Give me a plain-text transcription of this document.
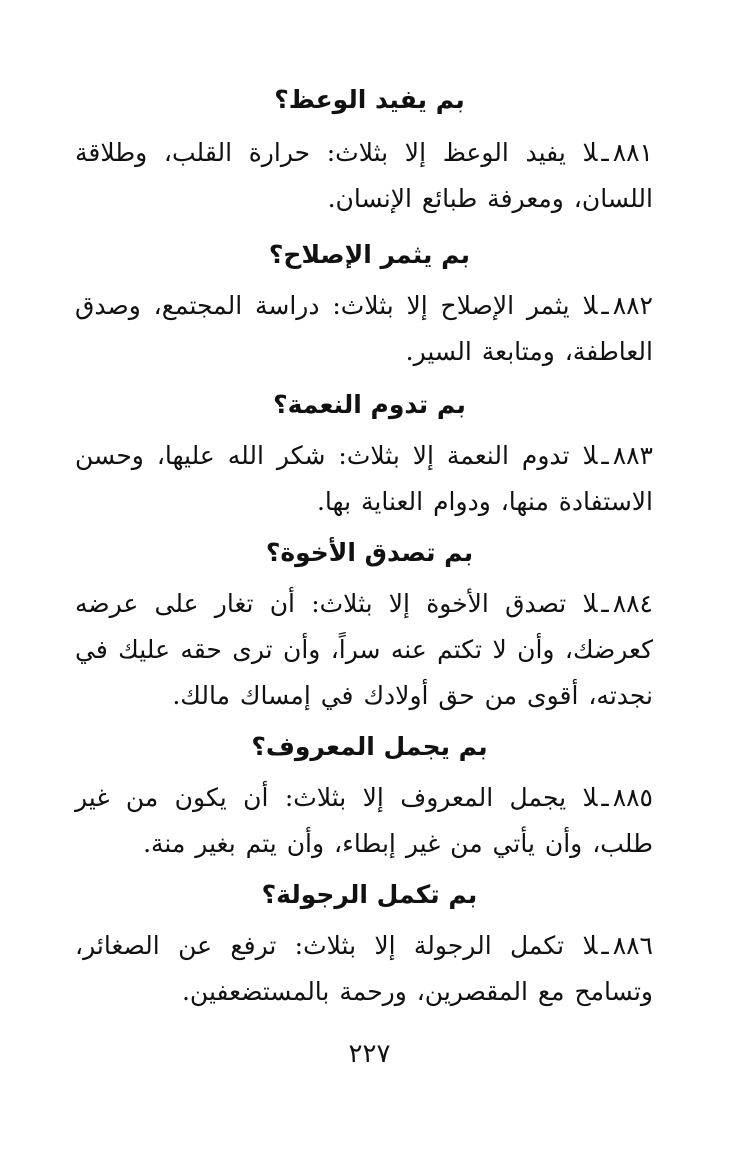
بم يفيد الوعظ؟

٨٨١ـلا يفيد الوعظ إلا بثلاث: حرارة القلب، وطلاقة اللسان، ومعرفة طبائع الإنسان.

بم يثمر الإصلاح؟

٨٨٢ـلا يثمر الإصلاح إلا بثلاث: دراسة المجتمع، وصدق العاطفة، ومتابعة السير.

بم تدوم النعمة؟

٨٨٣ـلا تدوم النعمة إلا بثلاث: شكر الله عليها، وحسن الاستفادة منها، ودوام العناية بها.

بم تصدق الأخوة؟

٨٨٤ـلا تصدق الأخوة إلا بثلاث: أن تغار على عرضه كعرضك، وأن لا تكتم عنه سراً، وأن ترى حقه عليك في نجدته، أقوى من حق أولادك في إمساك مالك.

بم يجمل المعروف؟

٨٨٥ـلا يجمل المعروف إلا بثلاث: أن يكون من غير طلب، وأن يأتي من غير إبطاء، وأن يتم بغير منة.

بم تكمل الرجولة؟

٨٨٦ـلا تكمل الرجولة إلا بثلاث: ترفع عن الصغائر، وتسامح مع المقصرين، ورحمة بالمستضعفين.

٢٢٧
